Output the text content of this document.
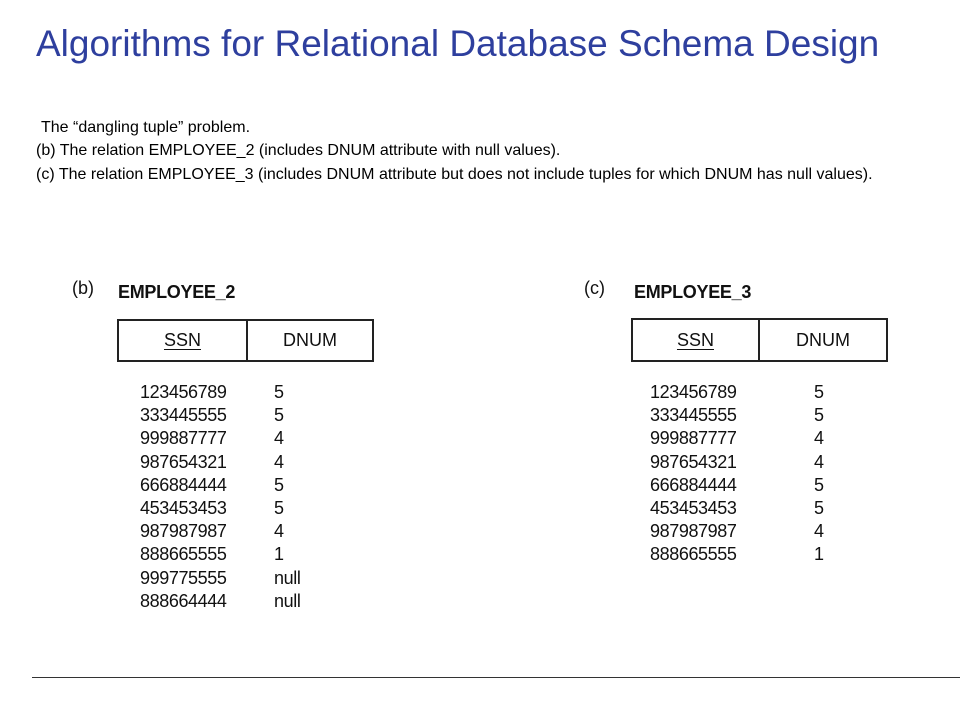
Algorithms for Relational Database Schema Design

The “dangling tuple” problem.

(b) The relation EMPLOYEE_2 (includes DNUM attribute with null values).

(c) The relation EMPLOYEE_3 (includes DNUM attribute but does not include tuples for which DNUM has null values).

(b) EMPLOYEE_2
SSN	DNUM
123456789	5
333445555	5
999887777	4
987654321	4
666884444	5
453453453	5
987987987	4
888665555	1
999775555	null
888664444	null
(c) EMPLOYEE_3
SSN	DNUM
123456789	5
333445555	5
999887777	4
987654321	4
666884444	5
453453453	5
987987987	4
888665555	1
